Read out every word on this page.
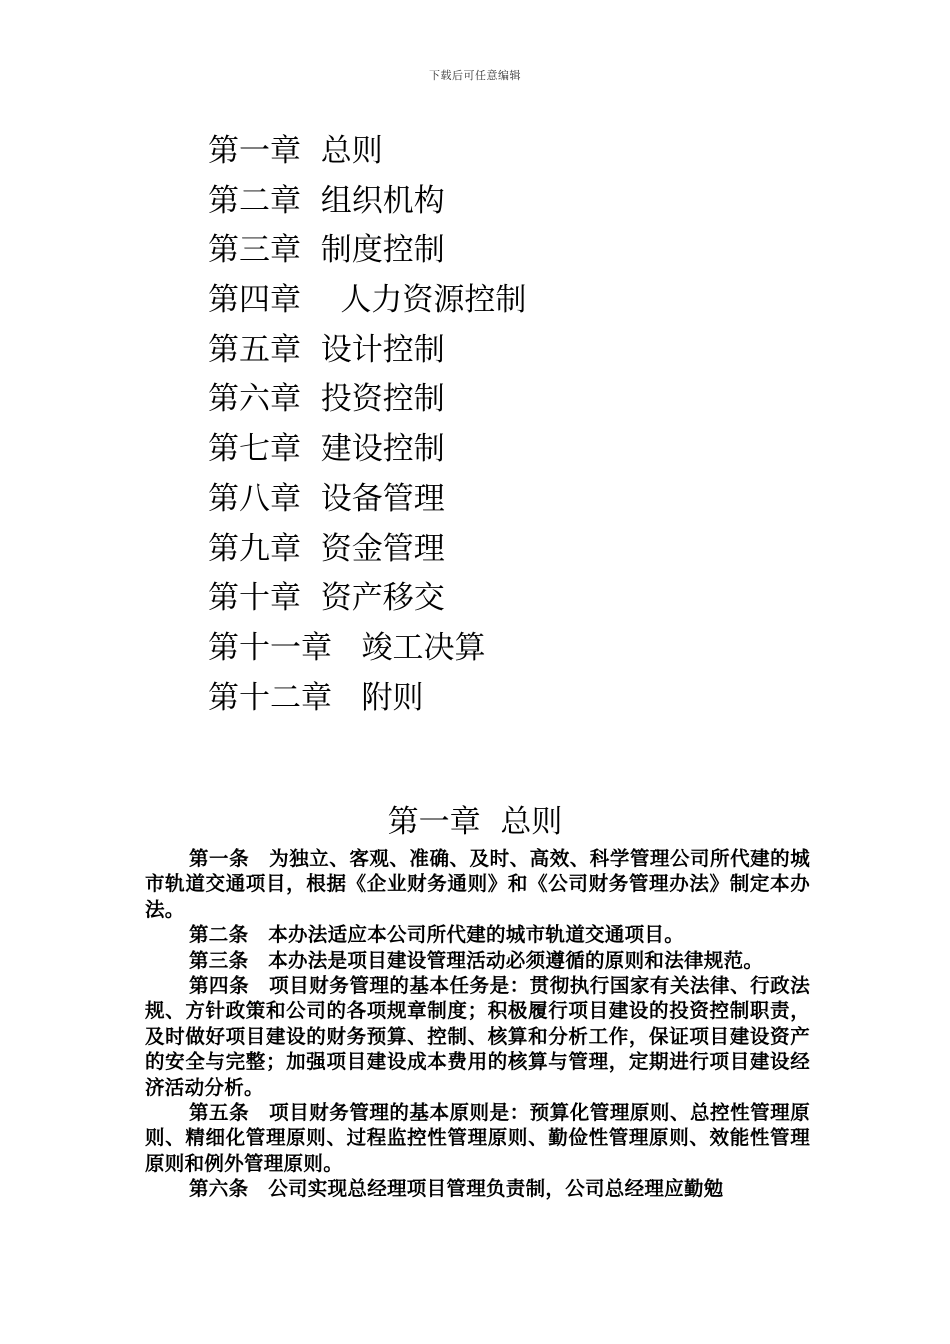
下载后可任意编辑
第一章  总则
第二章  组织机构
第三章  制度控制
第四章    人力资源控制
第五章  设计控制
第六章  投资控制
第七章  建设控制
第八章  设备管理
第九章  资金管理
第十章  资产移交
第十一章   竣工决算
第十二章   附则
第一章  总则

第一条　为独立、客观、准确、及时、高效、科学管理公司所代建的城市轨道交通项目，根据《企业财务通则》和《公司财务管理办法》制定本办法。

第二条　本办法适应本公司所代建的城市轨道交通项目。

第三条　本办法是项目建设管理活动必须遵循的原则和法律规范。

第四条　项目财务管理的基本任务是：贯彻执行国家有关法律、行政法规、方针政策和公司的各项规章制度；积极履行项目建设的投资控制职责，及时做好项目建设的财务预算、控制、核算和分析工作，保证项目建设资产的安全与完整；加强项目建设成本费用的核算与管理，定期进行项目建设经济活动分析。

第五条　项目财务管理的基本原则是：预算化管理原则、总控性管理原则、精细化管理原则、过程监控性管理原则、勤俭性管理原则、效能性管理原则和例外管理原则。

第六条　公司实现总经理项目管理负责制，公司总经理应勤勉
